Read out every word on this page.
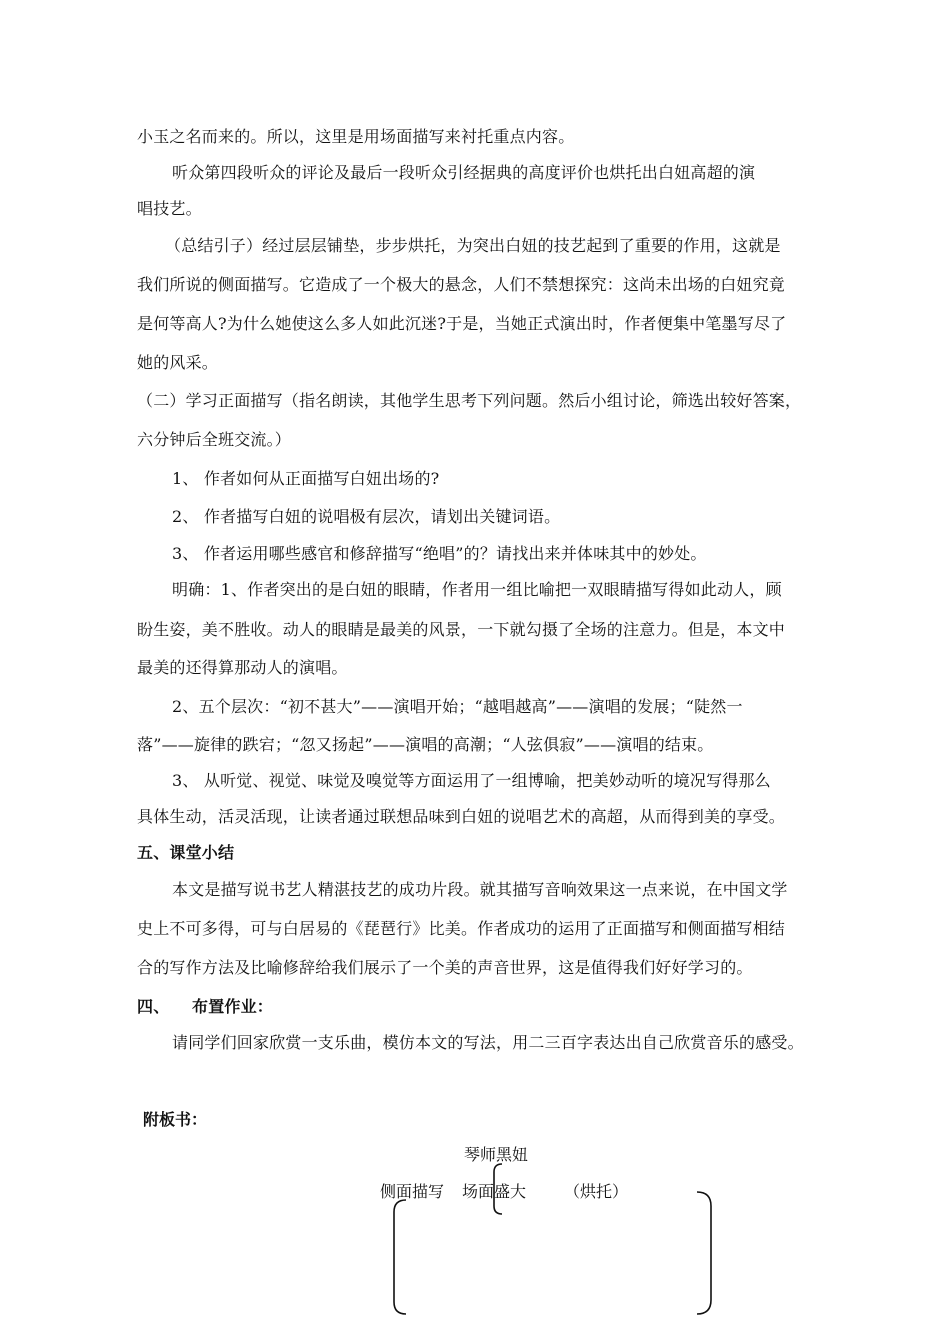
小玉之名而来的。所以，这里是用场面描写来衬托重点内容。
听众第四段听众的评论及最后一段听众引经据典的高度评价也烘托出白妞高超的演
唱技艺。
（总结引子）经过层层铺垫，步步烘托，为突出白妞的技艺起到了重要的作用，这就是
我们所说的侧面描写。它造成了一个极大的悬念，人们不禁想探究：这尚未出场的白妞究竟
是何等高人?为什么她使这么多人如此沉迷?于是，当她正式演出时，作者便集中笔墨写尽了
她的风采。
（二）学习正面描写（指名朗读，其他学生思考下列问题。然后小组讨论，筛选出较好答案，
六分钟后全班交流。）
1、 作者如何从正面描写白妞出场的?
2、 作者描写白妞的说唱极有层次，请划出关键词语。
3、 作者运用哪些感官和修辞描写“绝唱”的？请找出来并体味其中的妙处。
明确：1、作者突出的是白妞的眼睛，作者用一组比喻把一双眼睛描写得如此动人，顾
盼生姿，美不胜收。动人的眼睛是最美的风景，一下就勾摄了全场的注意力。但是，本文中
最美的还得算那动人的演唱。
2、五个层次：“初不甚大”——演唱开始；“越唱越高”——演唱的发展；“陡然一
落”——旋律的跌宕；“忽又扬起”——演唱的高潮；“人弦俱寂”——演唱的结束。
3、 从听觉、视觉、味觉及嗅觉等方面运用了一组博喻，把美妙动听的境况写得那么
具体生动，活灵活现，让读者通过联想品味到白妞的说唱艺术的高超，从而得到美的享受。
五、课堂小结
本文是描写说书艺人精湛技艺的成功片段。就其描写音响效果这一点来说，在中国文学
史上不可多得，可与白居易的《琵琶行》比美。作者成功的运用了正面描写和侧面描写相结
合的写作方法及比喻修辞给我们展示了一个美的声音世界，这是值得我们好好学习的。
四、 布置作业：
请同学们回家欣赏一支乐曲，模仿本文的写法，用二三百字表达出自己欣赏音乐的感受。
附板书：
琴师黑妞
侧面描写 场面盛大 （烘托）
